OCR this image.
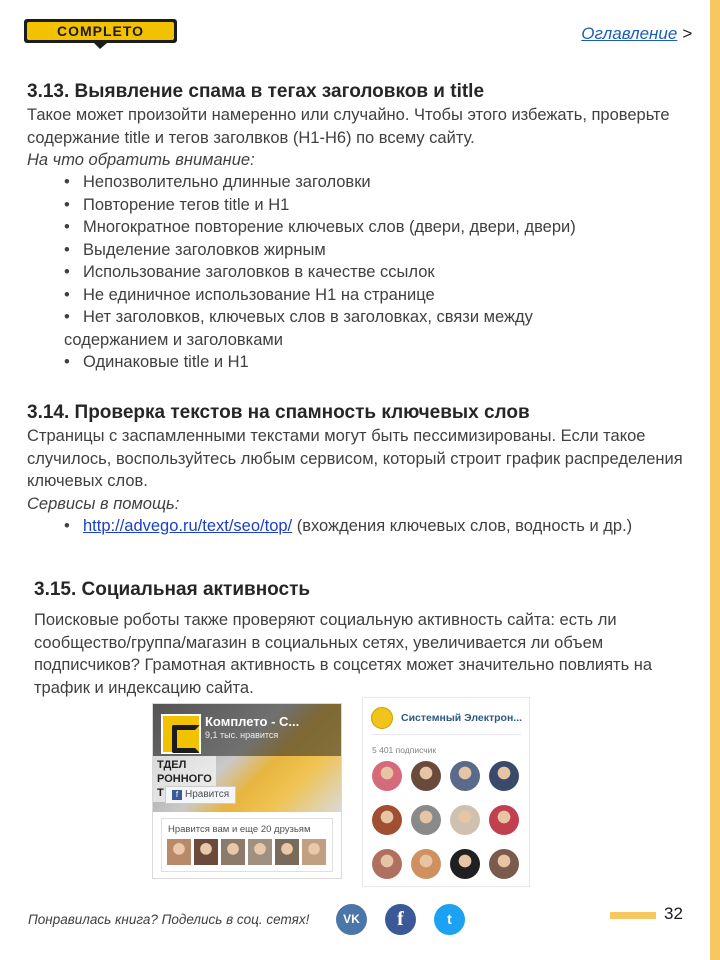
COMPLETO	Оглавление >
3.13. Выявление спама в тегах заголовков и title

Такое может произойти намеренно или случайно. Чтобы этого избежать, проверьте содержание title и тегов заголвков (H1-H6) по всему сайту.

На что обратить внимание:
• Непозволительно длинные заголовки
• Повторение тегов title и H1
• Многократное повторение ключевых слов (двери, двери, двери)
• Выделение заголовков жирным
• Использование заголовков в качестве ссылок
• Не единичное использование H1 на странице
• Нет заголовков, ключевых слов в заголовках, связи между
содержанием и заголовками
• Одинаковые title и H1
3.14. Проверка текстов на спамность ключевых слов

Страницы с заспамленными текстами могут быть пессимизированы. Если такое случилось, воспользуйтесь любым сервисом, который строит график распределения ключевых слов.

Сервисы в помощь:
• http://advego.ru/text/seo/top/ (вхождения ключевых слов, водность и др.)
3.15. Социальная активность

Поисковые роботы также проверяют социальную активность сайта: есть ли сообщество/группа/магазин в социальных сетях, увеличивается ли объем подписчиков? Грамотная активность в соцсетях может значительно повлиять на трафик и индексацию сайта.

Комплето - С...
9,1 тыс. нравится
ТДЕЛ
РОННОГО
Т	f Нравится
Нравится вам и еще 20 друзьям
Системный Электрон...
5 401 подписчик
Понравилась книга? Поделись в соц. сетях!	VK	f	t	32
